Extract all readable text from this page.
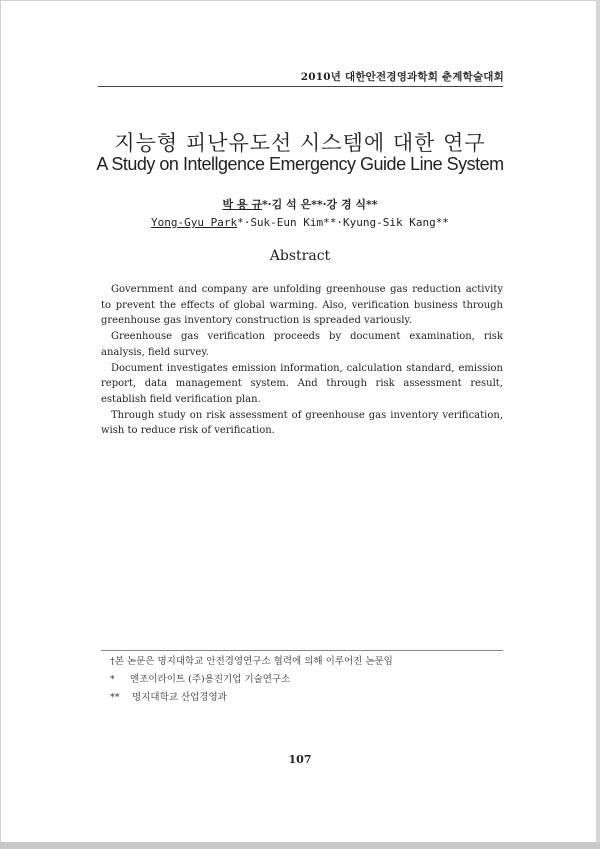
2010년 대한안전경영과학회 춘계학술대회
지능형 피난유도선 시스템에 대한 연구
A Study on Intellgence Emergency Guide Line System
박 용 규*·김 석 은**·강 경 식**
Yong-Gyu Park*·Suk-Eun Kim**·Kyung-Sik Kang**
Abstract

Government and company are unfolding greenhouse gas reduction activity to prevent the effects of global warming. Also, verification business through greenhouse gas inventory construction is spreaded variously.

Greenhouse gas verification proceeds by document examination, risk analysis, field survey.

Document investigates emission information, calculation standard, emission report, data management system. And through risk assessment result, establish field verification plan.

Through study on risk assessment of greenhouse gas inventory verification, wish to reduce risk of verification.

†본 논문은 명지대학교 안전경영연구소 협력에 의해 이루어진 논문임
* 엔조이라이트 (주)용진기업 기술연구소
** 명지대학교 산업경영과
107
